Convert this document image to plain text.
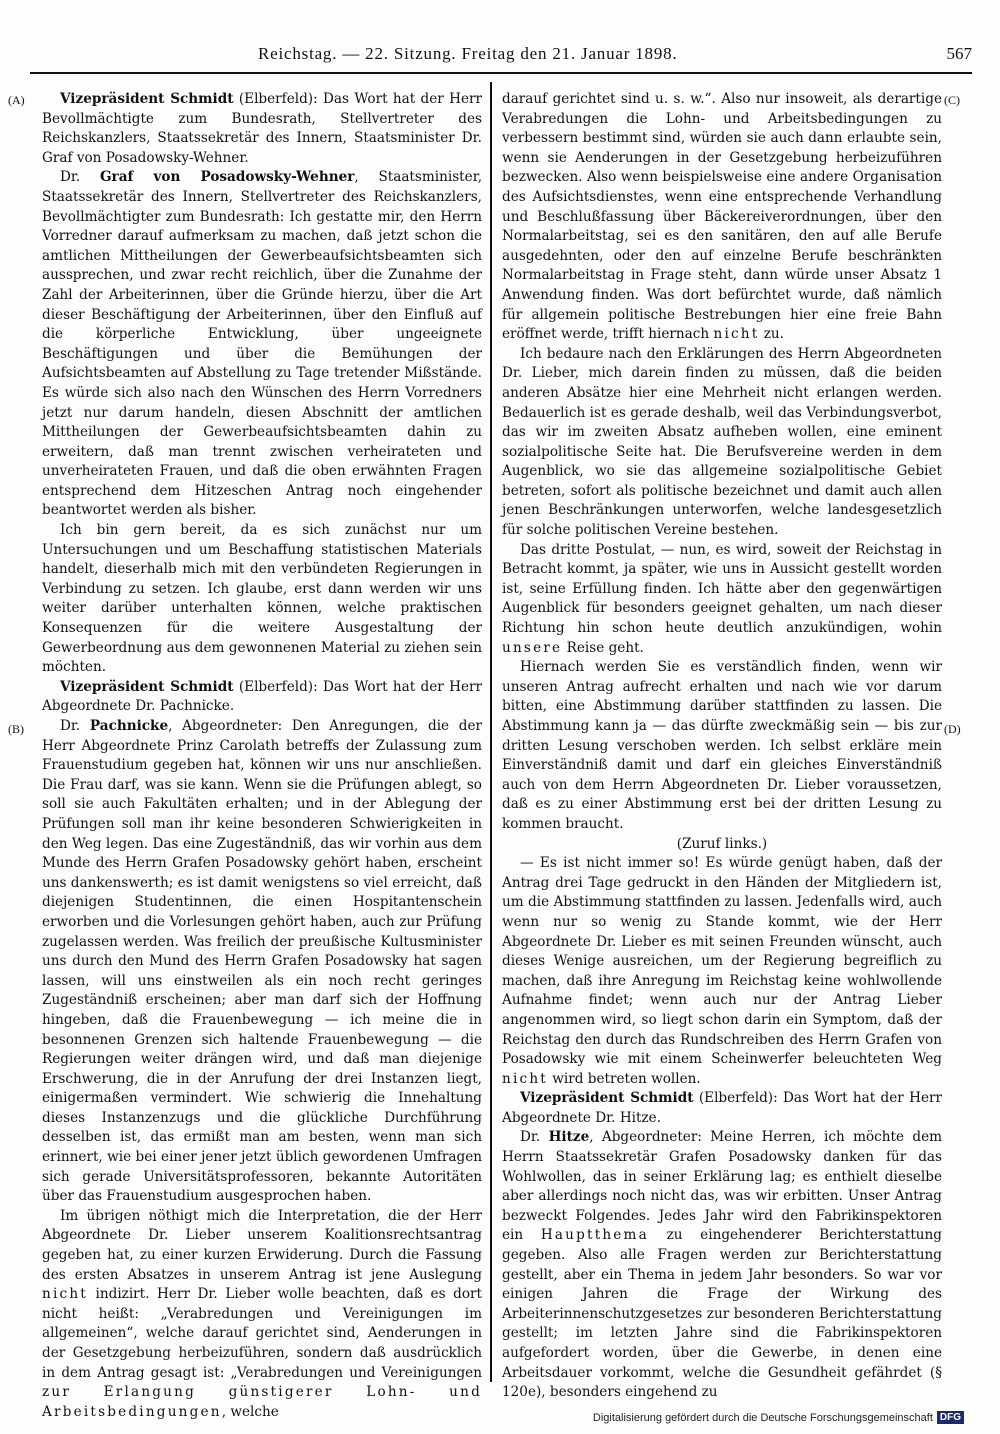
Reichstag. — 22. Sitzung. Freitag den 21. Januar 1898.	567
(A)
(B)
(C)
(D)

Vizepräsident Schmidt (Elberfeld): Das Wort hat der Herr Bevollmächtigte zum Bundesrath, Stellvertreter des Reichskanzlers, Staatssekretär des Innern, Staatsminister Dr. Graf von Posadowsky-Wehner.

Dr. Graf von Posadowsky-Wehner, Staatsminister, Staatssekretär des Innern, Stellvertreter des Reichskanzlers, Bevollmächtigter zum Bundesrath: Ich gestatte mir, den Herrn Vorredner darauf aufmerksam zu machen, daß jetzt schon die amtlichen Mittheilungen der Gewerbeaufsichtsbeamten sich aussprechen, und zwar recht reichlich, über die Zunahme der Zahl der Arbeiterinnen, über die Gründe hierzu, über die Art dieser Beschäftigung der Arbeiterinnen, über den Einfluß auf die körperliche Entwicklung, über ungeeignete Beschäftigungen und über die Bemühungen der Aufsichtsbeamten auf Abstellung zu Tage tretender Mißstände. Es würde sich also nach den Wünschen des Herrn Vorredners jetzt nur darum handeln, diesen Abschnitt der amtlichen Mittheilungen der Gewerbeaufsichtsbeamten dahin zu erweitern, daß man trennt zwischen verheirateten und unverheirateten Frauen, und daß die oben erwähnten Fragen entsprechend dem Hitzeschen Antrag noch eingehender beantwortet werden als bisher.

Ich bin gern bereit, da es sich zunächst nur um Untersuchungen und um Beschaffung statistischen Materials handelt, dieserhalb mich mit den verbündeten Regierungen in Verbindung zu setzen. Ich glaube, erst dann werden wir uns weiter darüber unterhalten können, welche praktischen Konsequenzen für die weitere Ausgestaltung der Gewerbeordnung aus dem gewonnenen Material zu ziehen sein möchten.

Vizepräsident Schmidt (Elberfeld): Das Wort hat der Herr Abgeordnete Dr. Pachnicke.

Dr. Pachnicke, Abgeordneter: Den Anregungen, die der Herr Abgeordnete Prinz Carolath betreffs der Zulassung zum Frauenstudium gegeben hat, können wir uns nur anschließen. Die Frau darf, was sie kann. Wenn sie die Prüfungen ablegt, so soll sie auch Fakultäten erhalten; und in der Ablegung der Prüfungen soll man ihr keine besonderen Schwierigkeiten in den Weg legen. Das eine Zugeständniß, das wir vorhin aus dem Munde des Herrn Grafen Posadowsky gehört haben, erscheint uns dankenswerth; es ist damit wenigstens so viel erreicht, daß diejenigen Studentinnen, die einen Hospitantenschein erworben und die Vorlesungen gehört haben, auch zur Prüfung zugelassen werden. Was freilich der preußische Kultusminister uns durch den Mund des Herrn Grafen Posadowsky hat sagen lassen, will uns einstweilen als ein noch recht geringes Zugeständniß erscheinen; aber man darf sich der Hoffnung hingeben, daß die Frauenbewegung — ich meine die in besonnenen Grenzen sich haltende Frauenbewegung — die Regierungen weiter drängen wird, und daß man diejenige Erschwerung, die in der Anrufung der drei Instanzen liegt, einigermaßen vermindert. Wie schwierig die Innehaltung dieses Instanzenzugs und die glückliche Durchführung desselben ist, das ermißt man am besten, wenn man sich erinnert, wie bei einer jener jetzt üblich gewordenen Umfragen sich gerade Universitätsprofessoren, bekannte Autoritäten über das Frauenstudium ausgesprochen haben.

Im übrigen nöthigt mich die Interpretation, die der Herr Abgeordnete Dr. Lieber unserem Koalitionsrechtsantrag gegeben hat, zu einer kurzen Erwiderung. Durch die Fassung des ersten Absatzes in unserem Antrag ist jene Auslegung nicht indizirt. Herr Dr. Lieber wolle beachten, daß es dort nicht heißt: „Verabredungen und Vereinigungen im allgemeinen“, welche darauf gerichtet sind, Aenderungen in der Gesetzgebung herbeizuführen, sondern daß ausdrücklich in dem Antrag gesagt ist: „Verabredungen und Vereinigungen zur Erlangung günstigerer Lohn- und Arbeitsbedingungen, welche

darauf gerichtet sind u. s. w.“. Also nur insoweit, als derartige Verabredungen die Lohn- und Arbeitsbedingungen zu verbessern bestimmt sind, würden sie auch dann erlaubte sein, wenn sie Aenderungen in der Gesetzgebung herbeizuführen bezwecken. Also wenn beispielsweise eine andere Organisation des Aufsichtsdienstes, wenn eine entsprechende Verhandlung und Beschlußfassung über Bäckereiverordnungen, über den Normalarbeitstag, sei es den sanitären, den auf alle Berufe ausgedehnten, oder den auf einzelne Berufe beschränkten Normalarbeitstag in Frage steht, dann würde unser Absatz 1 Anwendung finden. Was dort befürchtet wurde, daß nämlich für allgemein politische Bestrebungen hier eine freie Bahn eröffnet werde, trifft hiernach nicht zu.

Ich bedaure nach den Erklärungen des Herrn Abgeordneten Dr. Lieber, mich darein finden zu müssen, daß die beiden anderen Absätze hier eine Mehrheit nicht erlangen werden. Bedauerlich ist es gerade deshalb, weil das Verbindungsverbot, das wir im zweiten Absatz aufheben wollen, eine eminent sozialpolitische Seite hat. Die Berufsvereine werden in dem Augenblick, wo sie das allgemeine sozialpolitische Gebiet betreten, sofort als politische bezeichnet und damit auch allen jenen Beschränkungen unterworfen, welche landesgesetzlich für solche politischen Vereine bestehen.

Das dritte Postulat, — nun, es wird, soweit der Reichstag in Betracht kommt, ja später, wie uns in Aussicht gestellt worden ist, seine Erfüllung finden. Ich hätte aber den gegenwärtigen Augenblick für besonders geeignet gehalten, um nach dieser Richtung hin schon heute deutlich anzukündigen, wohin unsere Reise geht.

Hiernach werden Sie es verständlich finden, wenn wir unseren Antrag aufrecht erhalten und nach wie vor darum bitten, eine Abstimmung darüber stattfinden zu lassen. Die Abstimmung kann ja — das dürfte zweckmäßig sein — bis zur dritten Lesung verschoben werden. Ich selbst erkläre mein Einverständniß damit und darf ein gleiches Einverständniß auch von dem Herrn Abgeordneten Dr. Lieber voraussetzen, daß es zu einer Abstimmung erst bei der dritten Lesung zu kommen braucht.

(Zuruf links.)

— Es ist nicht immer so! Es würde genügt haben, daß der Antrag drei Tage gedruckt in den Händen der Mitgliedern ist, um die Abstimmung stattfinden zu lassen. Jedenfalls wird, auch wenn nur so wenig zu Stande kommt, wie der Herr Abgeordnete Dr. Lieber es mit seinen Freunden wünscht, auch dieses Wenige ausreichen, um der Regierung begreiflich zu machen, daß ihre Anregung im Reichstag keine wohlwollende Aufnahme findet; wenn auch nur der Antrag Lieber angenommen wird, so liegt schon darin ein Symptom, daß der Reichstag den durch das Rundschreiben des Herrn Grafen von Posadowsky wie mit einem Scheinwerfer beleuchteten Weg nicht wird betreten wollen.

Vizepräsident Schmidt (Elberfeld): Das Wort hat der Herr Abgeordnete Dr. Hitze.

Dr. Hitze, Abgeordneter: Meine Herren, ich möchte dem Herrn Staatssekretär Grafen Posadowsky danken für das Wohlwollen, das in seiner Erklärung lag; es enthielt dieselbe aber allerdings noch nicht das, was wir erbitten. Unser Antrag bezweckt Folgendes. Jedes Jahr wird den Fabrikinspektoren ein Hauptthema zu eingehenderer Berichterstattung gegeben. Also alle Fragen werden zur Berichterstattung gestellt, aber ein Thema in jedem Jahr besonders. So war vor einigen Jahren die Frage der Wirkung des Arbeiterinnenschutzgesetzes zur besonderen Berichterstattung gestellt; im letzten Jahre sind die Fabrikinspektoren aufgefordert worden, über die Gewerbe, in denen eine Arbeitsdauer vorkommt, welche die Gesundheit gefährdet (§ 120e), besonders eingehend zu

Digitalisierung gefördert durch die Deutsche Forschungsgemeinschaft DFG
